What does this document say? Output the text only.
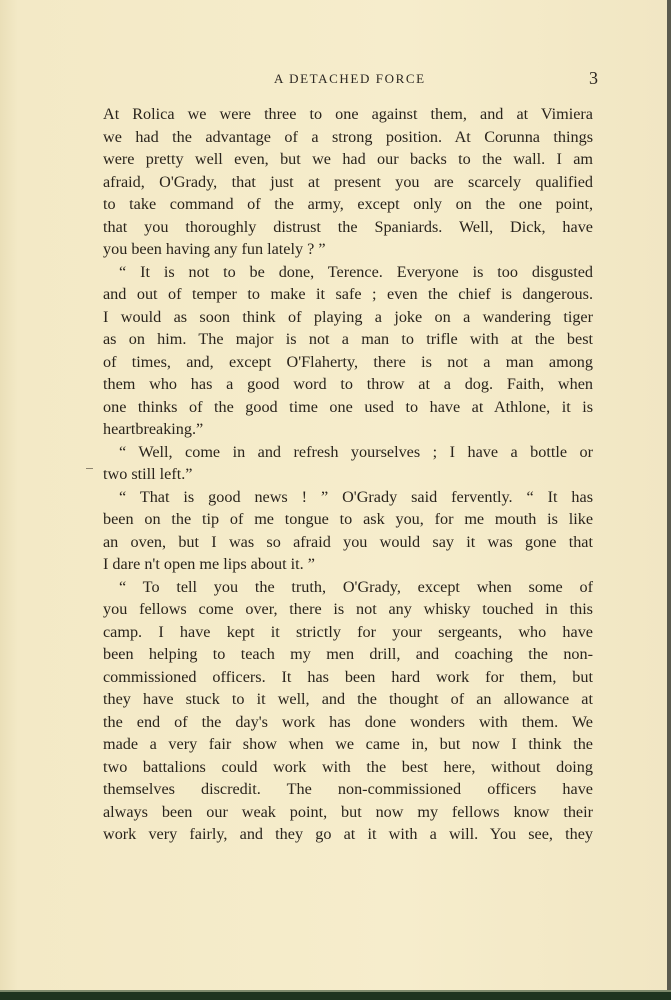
A DETACHED FORCE	3
At Rolica we were three to one against them, and at Vimiera
we had the advantage of a strong position. At Corunna things
were pretty well even, but we had our backs to the wall. I am
afraid, O'Grady, that just at present you are scarcely qualified
to take command of the army, except only on the one point,
that you thoroughly distrust the Spaniards. Well, Dick, have
you been having any fun lately ? ”
“ It is not to be done, Terence. Everyone is too disgusted
and out of temper to make it safe ; even the chief is dangerous.
I would as soon think of playing a joke on a wandering tiger
as on him. The major is not a man to trifle with at the best
of times, and, except O'Flaherty, there is not a man among
them who has a good word to throw at a dog. Faith, when
one thinks of the good time one used to have at Athlone, it is
heartbreaking.”
“ Well, come in and refresh yourselves ; I have a bottle or
two still left.”
“ That is good news ! ” O'Grady said fervently. “ It has
been on the tip of me tongue to ask you, for me mouth is like
an oven, but I was so afraid you would say it was gone that
I dare n't open me lips about it. ”
“ To tell you the truth, O'Grady, except when some of
you fellows come over, there is not any whisky touched in this
camp. I have kept it strictly for your sergeants, who have
been helping to teach my men drill, and coaching the non-
commissioned officers. It has been hard work for them, but
they have stuck to it well, and the thought of an allowance at
the end of the day's work has done wonders with them. We
made a very fair show when we came in, but now I think the
two battalions could work with the best here, without doing
themselves discredit. The non-commissioned officers have
always been our weak point, but now my fellows know their
work very fairly, and they go at it with a will. You see, they
